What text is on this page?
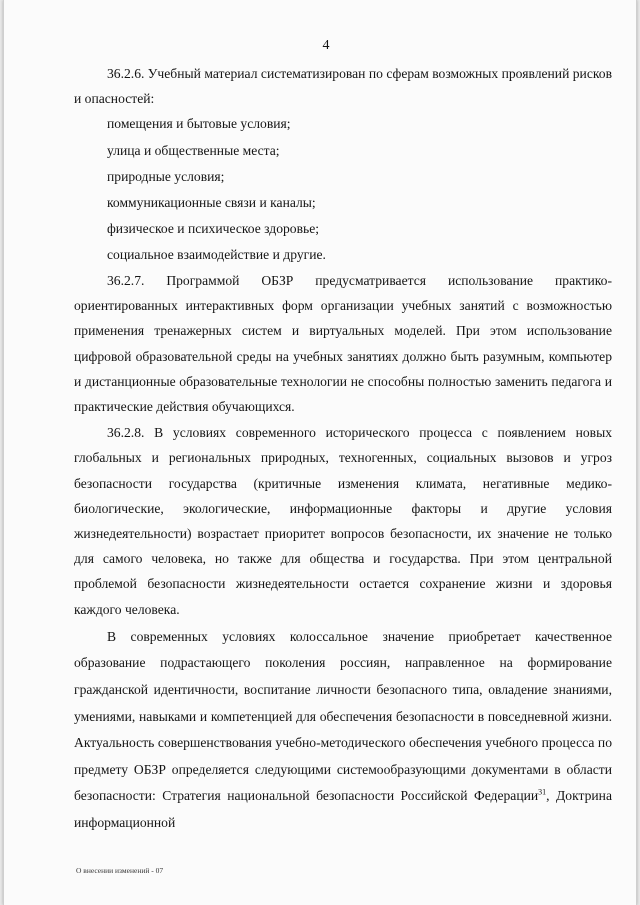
4

36.2.6. Учебный материал систематизирован по сферам возможных проявлений рисков и опасностей:

помещения и бытовые условия;
улица и общественные места;
природные условия;
коммуникационные связи и каналы;
физическое и психическое здоровье;
социальное взаимодействие и другие.

36.2.7. Программой ОБЗР предусматривается использование практико-ориентированных интерактивных форм организации учебных занятий с возможностью применения тренажерных систем и виртуальных моделей. При этом использование цифровой образовательной среды на учебных занятиях должно быть разумным, компьютер и дистанционные образовательные технологии не способны полностью заменить педагога и практические действия обучающихся.

36.2.8. В условиях современного исторического процесса с появлением новых глобальных и региональных природных, техногенных, социальных вызовов и угроз безопасности государства (критичные изменения климата, негативные медико-биологические, экологические, информационные факторы и другие условия жизнедеятельности) возрастает приоритет вопросов безопасности, их значение не только для самого человека, но также для общества и государства. При этом центральной проблемой безопасности жизнедеятельности остается сохранение жизни и здоровья каждого человека.

В современных условиях колоссальное значение приобретает качественное образование подрастающего поколения россиян, направленное на формирование гражданской идентичности, воспитание личности безопасного типа, овладение знаниями, умениями, навыками и компетенцией для обеспечения безопасности в повседневной жизни. Актуальность совершенствования учебно-методического обеспечения учебного процесса по предмету ОБЗР определяется следующими системообразующими документами в области безопасности: Стратегия национальной безопасности Российской Федерации$^{31}$, Доктрина информационной

О внесении изменений - 07
